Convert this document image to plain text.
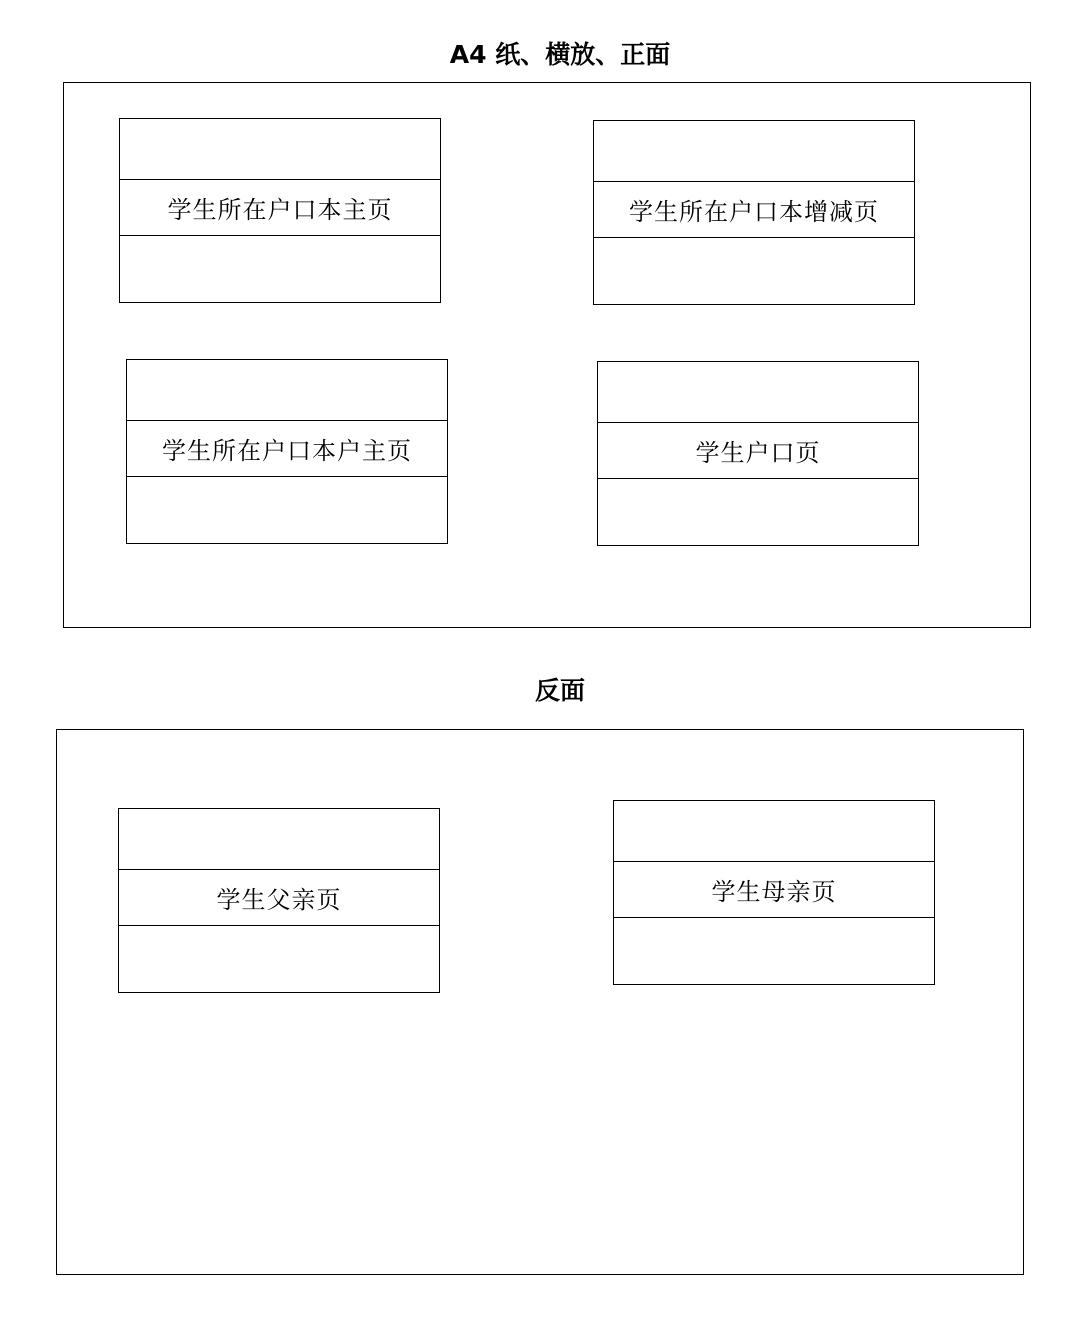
A4 纸、横放、正面
学生所在户口本主页	学生所在户口本增减页
学生所在户口本户主页	学生户口页
反面
学生父亲页	学生母亲页
